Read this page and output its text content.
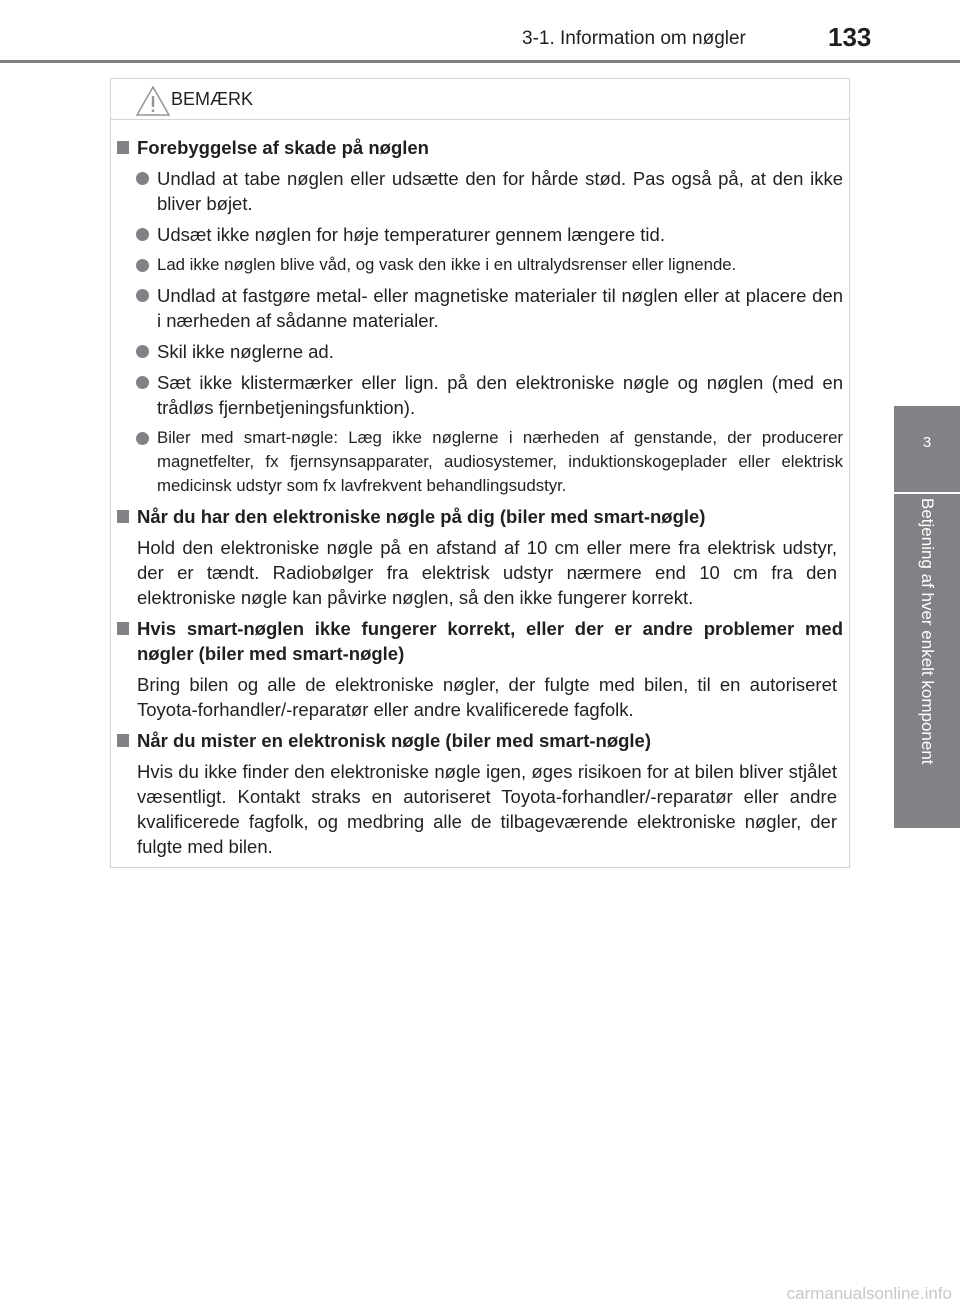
3-1. Information om nøgler	133
3
Betjening af hver enkelt komponent
BEMÆRK
Forebyggelse af skade på nøglen
Undlad at tabe nøglen eller udsætte den for hårde stød. Pas også på, at den ikke bliver bøjet.
Udsæt ikke nøglen for høje temperaturer gennem længere tid.
Lad ikke nøglen blive våd, og vask den ikke i en ultralydsrenser eller lignende.
Undlad at fastgøre metal- eller magnetiske materialer til nøglen eller at placere den i nærheden af sådanne materialer.
Skil ikke nøglerne ad.
Sæt ikke klistermærker eller lign. på den elektroniske nøgle og nøglen (med en trådløs fjernbetjeningsfunktion).
Biler med smart-nøgle: Læg ikke nøglerne i nærheden af genstande, der producerer magnetfelter, fx fjernsynsapparater, audiosystemer, induktionskogeplader eller elektrisk medicinsk udstyr som fx lavfrekvent behandlingsudstyr.
Når du har den elektroniske nøgle på dig (biler med smart-nøgle)
Hold den elektroniske nøgle på en afstand af 10 cm eller mere fra elektrisk udstyr, der er tændt. Radiobølger fra elektrisk udstyr nærmere end 10 cm fra den elektroniske nøgle kan påvirke nøglen, så den ikke fungerer korrekt.
Hvis smart-nøglen ikke fungerer korrekt, eller der er andre problemer med nøgler (biler med smart-nøgle)
Bring bilen og alle de elektroniske nøgler, der fulgte med bilen, til en autoriseret Toyota-forhandler/-reparatør eller andre kvalificerede fagfolk.
Når du mister en elektronisk nøgle (biler med smart-nøgle)
Hvis du ikke finder den elektroniske nøgle igen, øges risikoen for at bilen bliver stjålet væsentligt. Kontakt straks en autoriseret Toyota-forhandler/-reparatør eller andre kvalificerede fagfolk, og medbring alle de tilbageværende elektroniske nøgler, der fulgte med bilen.
carmanualsonline.info
